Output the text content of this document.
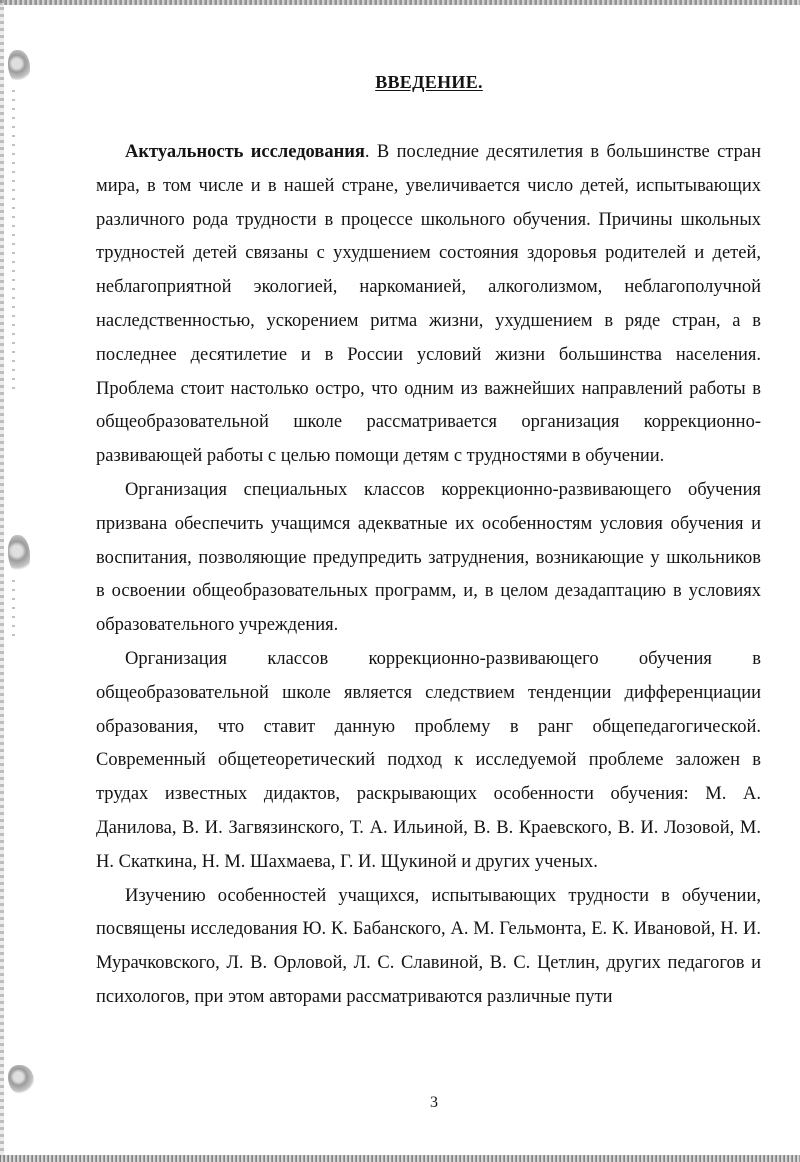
ВВЕДЕНИЕ.

Актуальность исследования. В последние десятилетия в большинстве стран мира, в том числе и в нашей стране, увеличивается число детей, испытывающих различного рода трудности в процессе школьного обучения. Причины школьных трудностей детей связаны с ухудшением состояния здоровья родителей и детей, неблагоприятной экологией, наркоманией, алкоголизмом, неблагополучной наследственностью, ускорением ритма жизни, ухудшением в ряде стран, а в последнее десятилетие и в России условий жизни большинства населения. Проблема стоит настолько остро, что одним из важнейших направлений работы в общеобразовательной школе рассматривается организация коррекционно-развивающей работы с целью помощи детям с трудностями в обучении.

Организация специальных классов коррекционно-развивающего обучения призвана обеспечить учащимся адекватные их особенностям условия обучения и воспитания, позволяющие предупредить затруднения, возникающие у школьников в освоении общеобразовательных программ, и, в целом дезадаптацию в условиях образовательного учреждения.

Организация классов коррекционно-развивающего обучения в общеобразовательной школе является следствием тенденции дифференциации образования, что ставит данную проблему в ранг общепедагогической. Современный общетеоретический подход к исследуемой проблеме заложен в трудах известных дидактов, раскрывающих особенности обучения: М. А. Данилова, В. И. Загвязинского, Т. А. Ильиной, В. В. Краевского, В. И. Лозовой, М. Н. Скаткина, Н. М. Шахмаева, Г. И. Щукиной и других ученых.

Изучению особенностей учащихся, испытывающих трудности в обучении, посвящены исследования Ю. К. Бабанского, А. М. Гельмонта, Е. К. Ивановой, Н. И. Мурачковского, Л. В. Орловой, Л. С. Славиной, В. С. Цетлин, других педагогов и психологов, при этом авторами рассматриваются различные пути

3
